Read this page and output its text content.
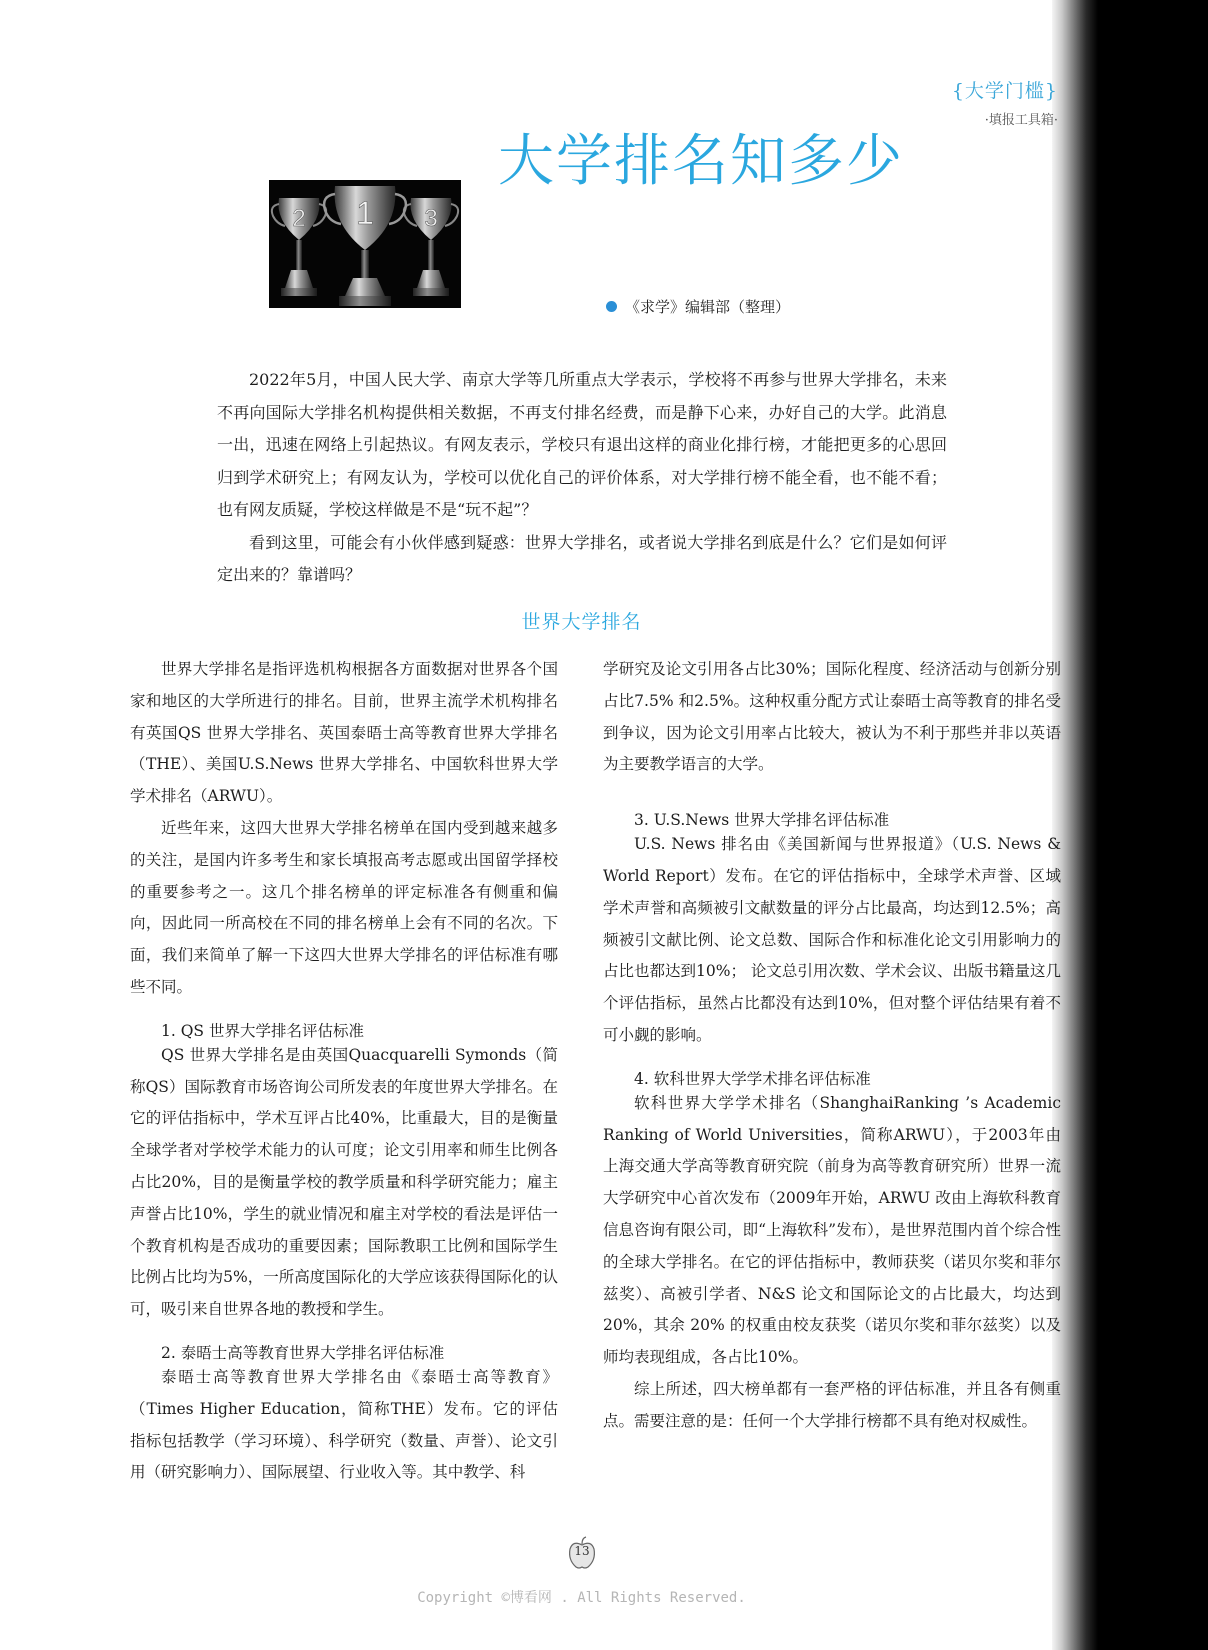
{大学门槛}
·填报工具箱·
大学排名知多少
2 1 3
《求学》编辑部（整理）

2022年5月，中国人民大学、南京大学等几所重点大学表示，学校将不再参与世界大学排名，未来不再向国际大学排名机构提供相关数据，不再支付排名经费，而是静下心来，办好自己的大学。此消息一出，迅速在网络上引起热议。有网友表示，学校只有退出这样的商业化排行榜，才能把更多的心思回归到学术研究上；有网友认为，学校可以优化自己的评价体系，对大学排行榜不能全看，也不能不看；也有网友质疑，学校这样做是不是“玩不起”？

看到这里，可能会有小伙伴感到疑惑：世界大学排名，或者说大学排名到底是什么？它们是如何评定出来的？靠谱吗？

世界大学排名

世界大学排名是指评选机构根据各方面数据对世界各个国家和地区的大学所进行的排名。目前，世界主流学术机构排名有英国QS 世界大学排名、英国泰晤士高等教育世界大学排名（THE）、美国U.S.News 世界大学排名、中国软科世界大学学术排名（ARWU）。

近些年来，这四大世界大学排名榜单在国内受到越来越多的关注，是国内许多考生和家长填报高考志愿或出国留学择校的重要参考之一。这几个排名榜单的评定标准各有侧重和偏向，因此同一所高校在不同的排名榜单上会有不同的名次。下面，我们来简单了解一下这四大世界大学排名的评估标准有哪些不同。

1. QS 世界大学排名评估标准

QS 世界大学排名是由英国Quacquarelli Symonds（简称QS）国际教育市场咨询公司所发表的年度世界大学排名。在它的评估指标中，学术互评占比40%，比重最大，目的是衡量全球学者对学校学术能力的认可度；论文引用率和师生比例各占比20%，目的是衡量学校的教学质量和科学研究能力；雇主声誉占比10%，学生的就业情况和雇主对学校的看法是评估一个教育机构是否成功的重要因素；国际教职工比例和国际学生比例占比均为5%，一所高度国际化的大学应该获得国际化的认可，吸引来自世界各地的教授和学生。

2. 泰晤士高等教育世界大学排名评估标准

泰晤士高等教育世界大学排名由《泰晤士高等教育》（Times Higher Education，简称THE）发布。它的评估指标包括教学（学习环境）、科学研究（数量、声誉）、论文引用（研究影响力）、国际展望、行业收入等。其中教学、科

学研究及论文引用各占比30%；国际化程度、经济活动与创新分别占比7.5% 和2.5%。这种权重分配方式让泰晤士高等教育的排名受到争议，因为论文引用率占比较大，被认为不利于那些并非以英语为主要教学语言的大学。

3. U.S.News 世界大学排名评估标准

U.S. News 排名由《美国新闻与世界报道》（U.S. News & World Report）发布。在它的评估指标中，全球学术声誉、区域学术声誉和高频被引文献数量的评分占比最高，均达到12.5%；高频被引文献比例、论文总数、国际合作和标准化论文引用影响力的占比也都达到10%； 论文总引用次数、学术会议、出版书籍量这几个评估指标，虽然占比都没有达到10%，但对整个评估结果有着不可小觑的影响。

4. 软科世界大学学术排名评估标准

软科世界大学学术排名（ShanghaiRanking ’s Academic Ranking of World Universities，简称ARWU），于2003年由上海交通大学高等教育研究院（前身为高等教育研究所）世界一流大学研究中心首次发布（2009年开始，ARWU 改由上海软科教育信息咨询有限公司，即“上海软科”发布），是世界范围内首个综合性的全球大学排名。在它的评估指标中，教师获奖（诺贝尔奖和菲尔兹奖）、高被引学者、N&S 论文和国际论文的占比最大，均达到20%，其余 20% 的权重由校友获奖（诺贝尔奖和菲尔兹奖）以及师均表现组成，各占比10%。

综上所述，四大榜单都有一套严格的评估标准，并且各有侧重点。需要注意的是：任何一个大学排行榜都不具有绝对权威性。

13
Copyright ©博看网 . All Rights Reserved.
